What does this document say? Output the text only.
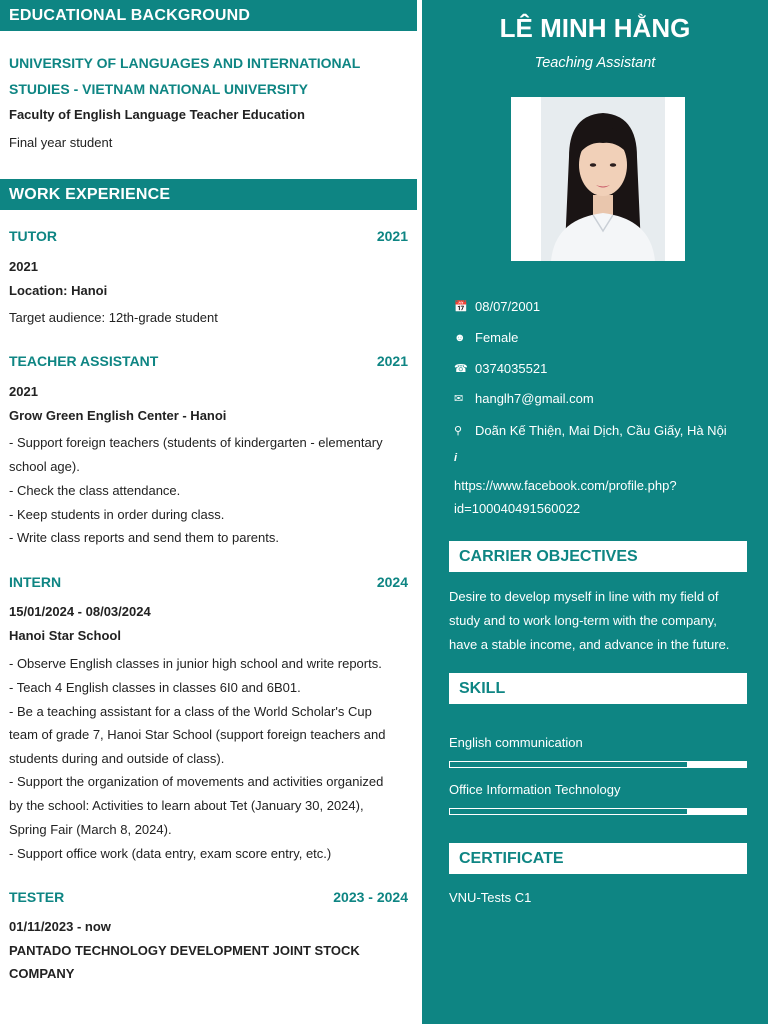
EDUCATIONAL BACKGROUND
UNIVERSITY OF LANGUAGES AND INTERNATIONAL
STUDIES - VIETNAM NATIONAL UNIVERSITY
Faculty of English Language Teacher Education
Final year student
WORK EXPERIENCE
TUTOR	2021
2021
Location: Hanoi
Target audience: 12th-grade student
TEACHER ASSISTANT	2021
2021
Grow Green English Center - Hanoi
- Support foreign teachers (students of kindergarten - elementary
school age).
- Check the class attendance.
- Keep students in order during class.
- Write class reports and send them to parents.
INTERN	2024
15/01/2024 - 08/03/2024
Hanoi Star School
- Observe English classes in junior high school and write reports.
- Teach 4 English classes in classes 6I0 and 6B01.
- Be a teaching assistant for a class of the World Scholar's Cup
team of grade 7, Hanoi Star School (support foreign teachers and
students during and outside of class).
- Support the organization of movements and activities organized
by the school: Activities to learn about Tet (January 30, 2024),
Spring Fair (March 8, 2024).
- Support office work (data entry, exam score entry, etc.)
TESTER	2023 - 2024
01/11/2023 - now
PANTADO TECHNOLOGY DEVELOPMENT JOINT STOCK
COMPANY
LÊ MINH HẰNG
Teaching Assistant
📅 08/07/2001
☻ Female
☎ 0374035521
✉ hanglh7@gmail.com
⚲ Doãn Kế Thiện, Mai Dịch, Cầu Giấy, Hà Nội
i
https://www.facebook.com/profile.php?
id=100040491560022
CARRIER OBJECTIVES
Desire to develop myself in line with my field of
study and to work long-term with the company,
have a stable income, and advance in the future.
SKILL
English communication
Office Information Technology
CERTIFICATE
VNU-Tests C1
